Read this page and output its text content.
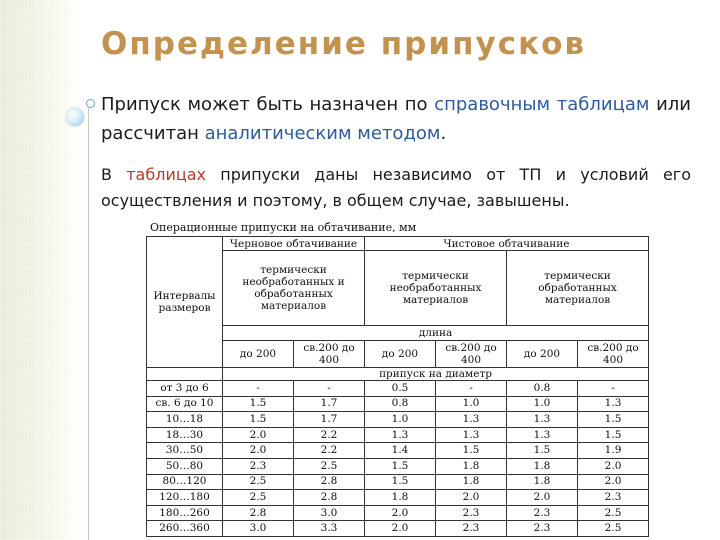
Определение припусков

Припуск может быть назначен по справочным таблицам или рассчитан аналитическим методом.

В таблицах припуски даны независимо от ТП и условий его осуществления и поэтому, в общем случае, завышены.

Операционные припуски на обтачивание, мм
Интервалы размеров	Черновое обтачивание		Чистовое обтачивание			
	термически необработанных и обработанных материалов		термически необработанных материалов		термически обработанных материалов	
	длина					
	до 200	св.200 до 400	до 200	св.200 до 400	до 200	св.200 до 400
	припуск на диаметр					
от 3 до 6	-	-	0.5	-	0.8	-
св. 6 до 10	1.5	1.7	0.8	1.0	1.0	1.3
10…18	1.5	1.7	1.0	1.3	1.3	1.5
18…30	2.0	2.2	1.3	1.3	1.3	1.5
30…50	2.0	2.2	1.4	1.5	1.5	1.9
50…80	2.3	2.5	1.5	1.8	1.8	2.0
80…120	2.5	2.8	1.5	1.8	1.8	2.0
120…180	2.5	2.8	1.8	2.0	2.0	2.3
180…260	2.8	3.0	2.0	2.3	2.3	2.5
260…360	3.0	3.3	2.0	2.3	2.3	2.5
